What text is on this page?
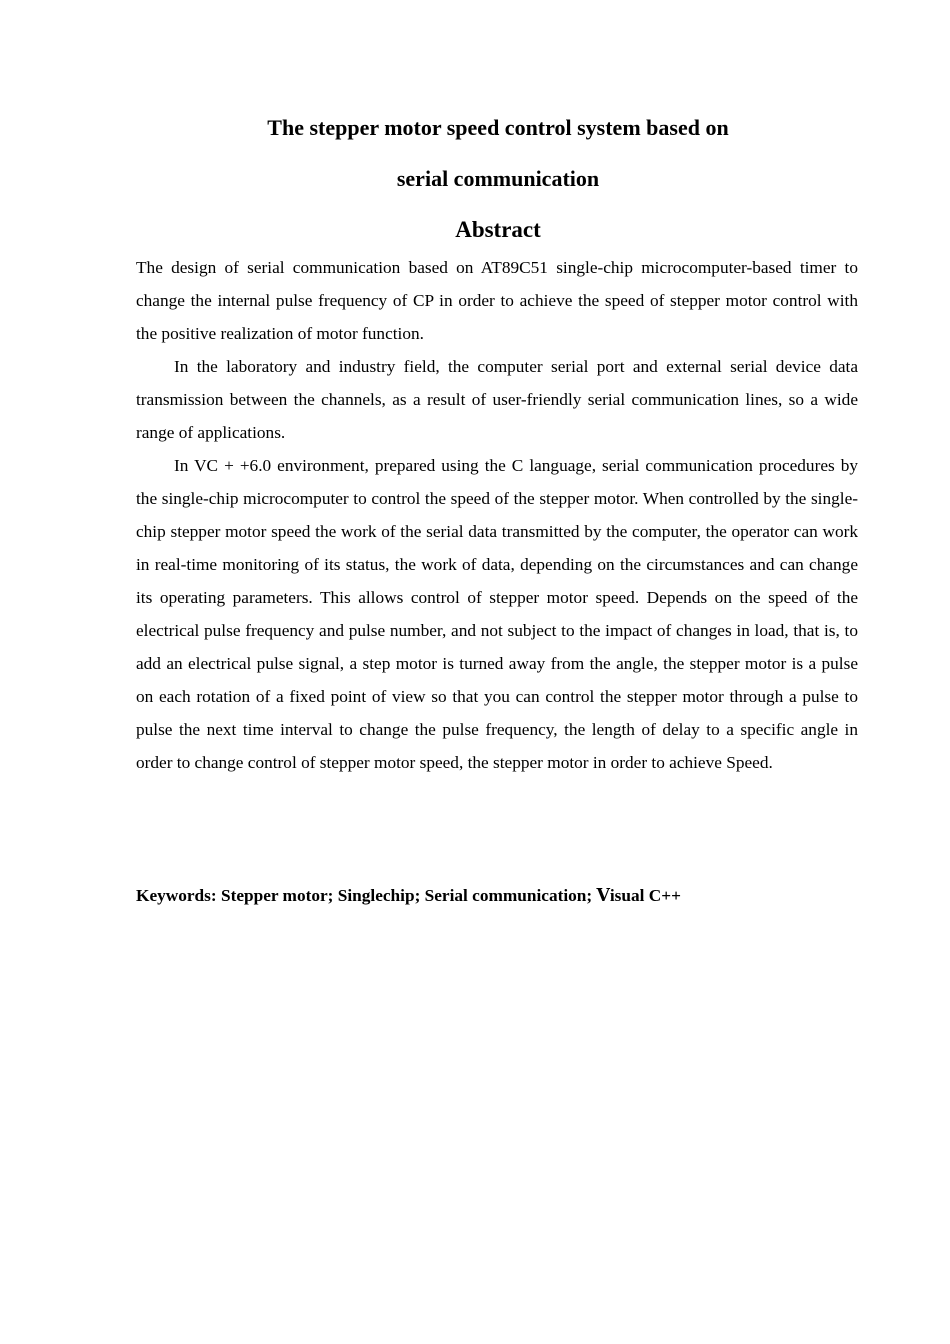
The stepper motor speed control system based on
serial communication
Abstract

The design of serial communication based on AT89C51 single-chip microcomputer-based timer to change the internal pulse frequency of CP in order to achieve the speed of stepper motor control with the positive realization of motor function.

In the laboratory and industry field, the computer serial port and external serial device data transmission between the channels, as a result of user-friendly serial communication lines, so a wide range of applications.

In VC + +6.0 environment, prepared using the C language, serial communication procedures by the single-chip microcomputer to control the speed of the stepper motor. When controlled by the single-chip stepper motor speed the work of the serial data transmitted by the computer, the operator can work in real-time monitoring of its status, the work of data, depending on the circumstances and can change its operating parameters. This allows control of stepper motor speed. Depends on the speed of the electrical pulse frequency and pulse number, and not subject to the impact of changes in load, that is, to add an electrical pulse signal, a step motor is turned away from the angle, the stepper motor is a pulse on each rotation of a fixed point of view so that you can control the stepper motor through a pulse to pulse the next time interval to change the pulse frequency, the length of delay to a specific angle in order to change control of stepper motor speed, the stepper motor in order to achieve Speed.

Keywords: Stepper motor; Singlechip; Serial communication; Ⅴisual C++
